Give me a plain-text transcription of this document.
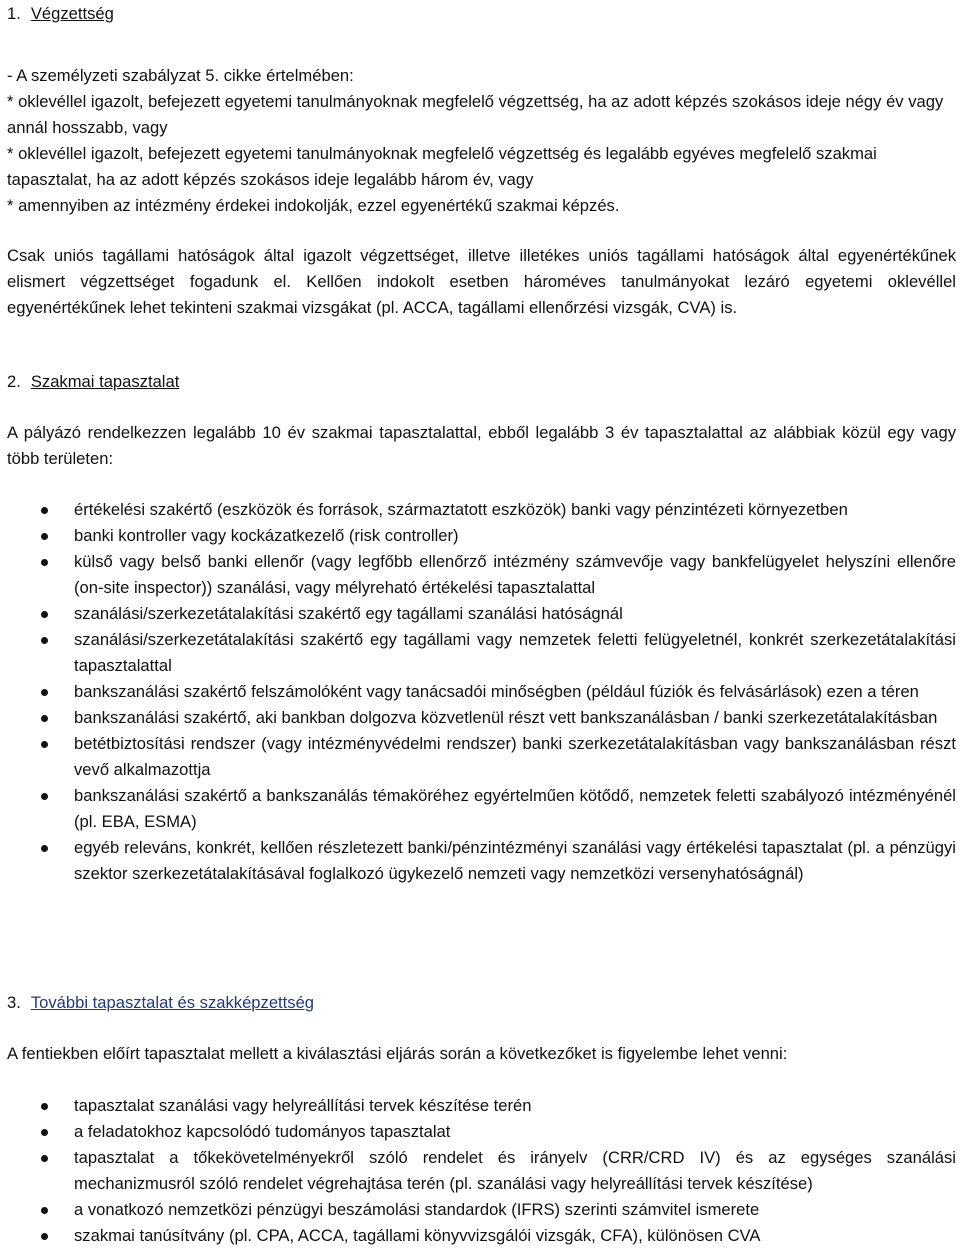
1. Végzettség
- A személyzeti szabályzat 5. cikke értelmében:
* oklevéllel igazolt, befejezett egyetemi tanulmányoknak megfelelő végzettség, ha az adott képzés szokásos ideje négy év vagy annál hosszabb, vagy
* oklevéllel igazolt, befejezett egyetemi tanulmányoknak megfelelő végzettség és legalább egyéves megfelelő szakmai tapasztalat, ha az adott képzés szokásos ideje legalább három év, vagy
* amennyiben az intézmény érdekei indokolják, ezzel egyenértékű szakmai képzés.

Csak uniós tagállami hatóságok által igazolt végzettséget, illetve illetékes uniós tagállami hatóságok által egyenértékűnek elismert végzettséget fogadunk el. Kellően indokolt esetben hároméves tanulmányokat lezáró egyetemi oklevéllel egyenértékűnek lehet tekinteni szakmai vizsgákat (pl. ACCA, tagállami ellenőrzési vizsgák, CVA) is.

2. Szakmai tapasztalat

A pályázó rendelkezzen legalább 10 év szakmai tapasztalattal, ebből legalább 3 év tapasztalattal az alábbiak közül egy vagy több területen:

értékelési szakértő (eszközök és források, származtatott eszközök) banki vagy pénzintézeti környezetben
banki kontroller vagy kockázatkezelő (risk controller)
külső vagy belső banki ellenőr (vagy legfőbb ellenőrző intézmény számvevője vagy bankfelügyelet helyszíni ellenőre (on-site inspector)) szanálási, vagy mélyreható értékelési tapasztalattal
szanálási/szerkezetátalakítási szakértő egy tagállami szanálási hatóságnál
szanálási/szerkezetátalakítási szakértő egy tagállami vagy nemzetek feletti felügyeletnél, konkrét szerkezetátalakítási tapasztalattal
bankszanálási szakértő felszámolóként vagy tanácsadói minőségben (például fúziók és felvásárlások) ezen a téren
bankszanálási szakértő, aki bankban dolgozva közvetlenül részt vett bankszanálásban / banki szerkezetátalakításban
betétbiztosítási rendszer (vagy intézményvédelmi rendszer) banki szerkezetátalakításban vagy bankszanálásban részt vevő alkalmazottja
bankszanálási szakértő a bankszanálás témaköréhez egyértelműen kötődő, nemzetek feletti szabályozó intézményénél (pl. EBA, ESMA)
egyéb releváns, konkrét, kellően részletezett banki/pénzintézményi szanálási vagy értékelési tapasztalat (pl. a pénzügyi szektor szerkezetátalakításával foglalkozó ügykezelő nemzeti vagy nemzetközi versenyhatóságnál)
3. További tapasztalat és szakképzettség

A fentiekben előírt tapasztalat mellett a kiválasztási eljárás során a következőket is figyelembe lehet venni:

tapasztalat szanálási vagy helyreállítási tervek készítése terén
a feladatokhoz kapcsolódó tudományos tapasztalat
tapasztalat a tőkekövetelményekről szóló rendelet és irányelv (CRR/CRD IV) és az egységes szanálási mechanizmusról szóló rendelet végrehajtása terén (pl. szanálási vagy helyreállítási tervek készítése)
a vonatkozó nemzetközi pénzügyi beszámolási standardok (IFRS) szerinti számvitel ismerete
szakmai tanúsítvány (pl. CPA, ACCA, tagállami könyvvizsgálói vizsgák, CFA), különösen CVA
